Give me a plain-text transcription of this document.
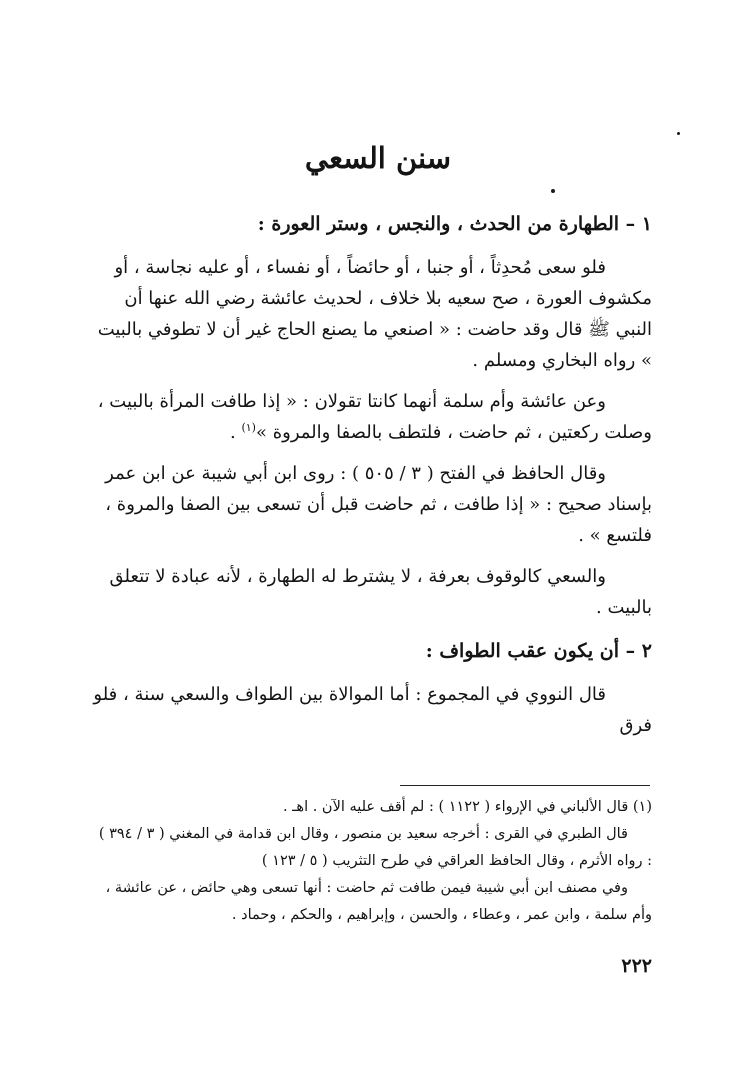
سنن السعي
١ – الطهارة من الحدث ، والنجس ، وستر العورة :

فلو سعى مُحدِثاً ، أو جنبا ، أو حائضاً ، أو نفساء ، أو عليه نجاسة ، أو مكشوف العورة ، صح سعيه بلا خلاف ، لحديث عائشة رضي الله عنها أن النبي ﷺ قال وقد حاضت : « اصنعي ما يصنع الحاج غير أن لا تطوفي بالبيت » رواه البخاري ومسلم .

وعن عائشة وأم سلمة أنهما كانتا تقولان : « إذا طافت المرأة بالبيت ، وصلت ركعتين ، ثم حاضت ، فلتطف بالصفا والمروة »$^{(١)}$ .

وقال الحافظ في الفتح ( ٣ / ٥٠٥ ) : روى ابن أبي شيبة عن ابن عمر بإسناد صحيح : « إذا طافت ، ثم حاضت قبل أن تسعى بين الصفا والمروة ، فلتسع » .

والسعي كالوقوف بعرفة ، لا يشترط له الطهارة ، لأنه عبادة لا تتعلق بالبيت .

٢ – أن يكون عقب الطواف :

قال النووي في المجموع : أما الموالاة بين الطواف والسعي سنة ، فلو فرق

(١) قال الألباني في الإرواء ( ١١٢٢ ) : لم أقف عليه الآن . اهـ .

قال الطبري في القرى : أخرجه سعيد بن منصور ، وقال ابن قدامة في المغني ( ٣ / ٣٩٤ ) : رواه الأثرم ، وقال الحافظ العراقي في طرح التثريب ( ٥ / ١٢٣ )

وفي مصنف ابن أبي شيبة فيمن طافت ثم حاضت : أنها تسعى وهي حائض ، عن عائشة ، وأم سلمة ، وابن عمر ، وعطاء ، والحسن ، وإبراهيم ، والحكم ، وحماد .

٢٢٢
